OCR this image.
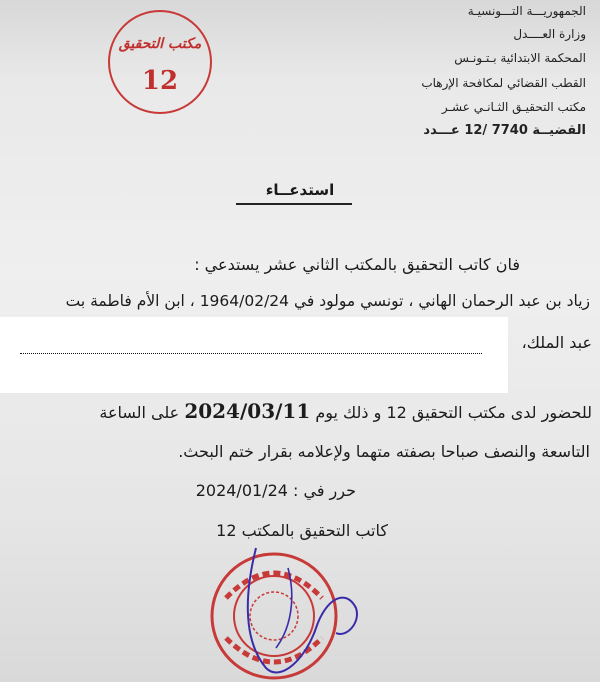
الجمهوريـــة التـــونسيـة
وزارة العــــدل
المحكمة الابتدائية بـتـونـس
القطب القضائي لمكافحة الإرهاب
مكتب التحقيـق الثـانـي عشـر
القضيــة 7740 /12 عـــدد
مكتب التحقيق
12
استدعــاء
فان كاتب التحقيق بالمكتب الثاني عشر يستدعي :
زياد بن عبد الرحمان الهاني ، تونسي مولود في 1964/02/24 ، ابن الأم فاطمة بت
عبد الملك،
للحضور لدى مكتب التحقيق 12 و ذلك يوم 2024/03/11 على الساعة
التاسعة والنصف صباحا بصفته متهما ولإعلامه بقرار ختم البحث.
حرر في : 2024/01/24
كاتب التحقيق بالمكتب 12
